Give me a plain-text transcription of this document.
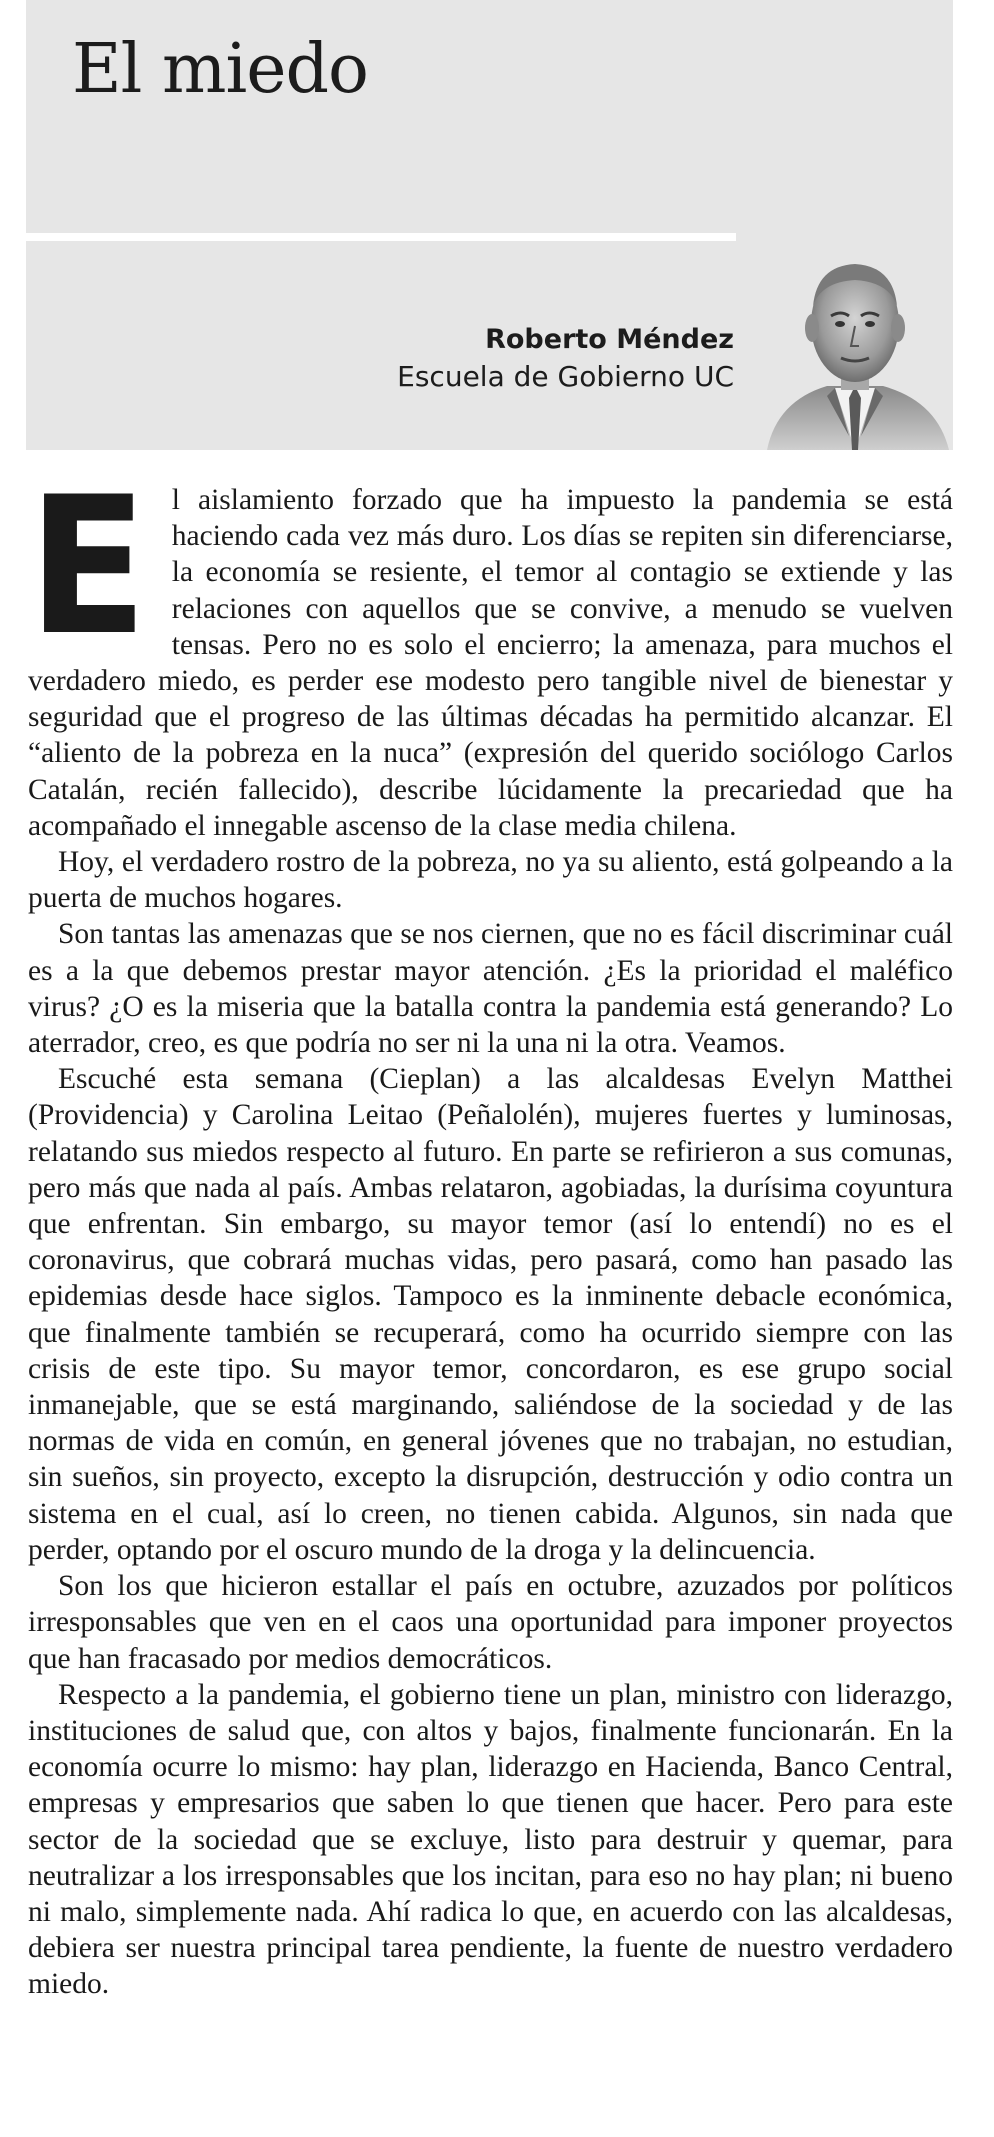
El miedo
Roberto Méndez
Escuela de Gobierno UC

El aislamiento forzado que ha impuesto la pandemia se está haciendo cada vez más duro. Los días se repiten sin diferenciarse, la economía se resiente, el temor al contagio se extiende y las relaciones con aquellos que se convive, a menudo se vuelven tensas. Pero no es solo el encierro; la amenaza, para muchos el verdadero miedo, es perder ese modesto pero tangible nivel de bienestar y seguridad que el progreso de las últimas décadas ha permitido alcanzar. El “aliento de la pobreza en la nuca” (expresión del querido sociólogo Carlos Catalán, recién fallecido), describe lúcidamente la precariedad que ha acompañado el innegable ascenso de la clase media chilena.

Hoy, el verdadero rostro de la pobreza, no ya su aliento, está golpeando a la puerta de muchos hogares.

Son tantas las amenazas que se nos ciernen, que no es fácil discriminar cuál es a la que debemos prestar mayor atención. ¿Es la prioridad el maléfico virus? ¿O es la miseria que la batalla contra la pandemia está generando? Lo aterrador, creo, es que podría no ser ni la una ni la otra. Veamos.

Escuché esta semana (Cieplan) a las alcaldesas Evelyn Matthei (Providencia) y Carolina Leitao (Peñalolén), mujeres fuertes y luminosas, relatando sus miedos respecto al futuro. En parte se refirieron a sus comunas, pero más que nada al país. Ambas relataron, agobiadas, la durísima coyuntura que enfrentan. Sin embargo, su mayor temor (así lo entendí) no es el coronavirus, que cobrará muchas vidas, pero pasará, como han pasado las epidemias desde hace siglos. Tampoco es la inminente debacle económica, que finalmente también se recuperará, como ha ocurrido siempre con las crisis de este tipo. Su mayor temor, concordaron, es ese grupo social inmanejable, que se está marginando, saliéndose de la sociedad y de las normas de vida en común, en general jóvenes que no trabajan, no estudian, sin sueños, sin proyecto, excepto la disrupción, destrucción y odio contra un sistema en el cual, así lo creen, no tienen cabida. Algunos, sin nada que perder, optando por el oscuro mundo de la droga y la delincuencia.

Son los que hicieron estallar el país en octubre, azuzados por políticos irresponsables que ven en el caos una oportunidad para imponer proyectos que han fracasado por medios democráticos.

Respecto a la pandemia, el gobierno tiene un plan, ministro con liderazgo, instituciones de salud que, con altos y bajos, finalmente funcionarán. En la economía ocurre lo mismo: hay plan, liderazgo en Hacienda, Banco Central, empresas y empresarios que saben lo que tienen que hacer. Pero para este sector de la sociedad que se excluye, listo para destruir y quemar, para neutralizar a los irresponsables que los incitan, para eso no hay plan; ni bueno ni malo, simplemente nada. Ahí radica lo que, en acuerdo con las alcaldesas, debiera ser nuestra principal tarea pendiente, la fuente de nuestro verdadero miedo.
